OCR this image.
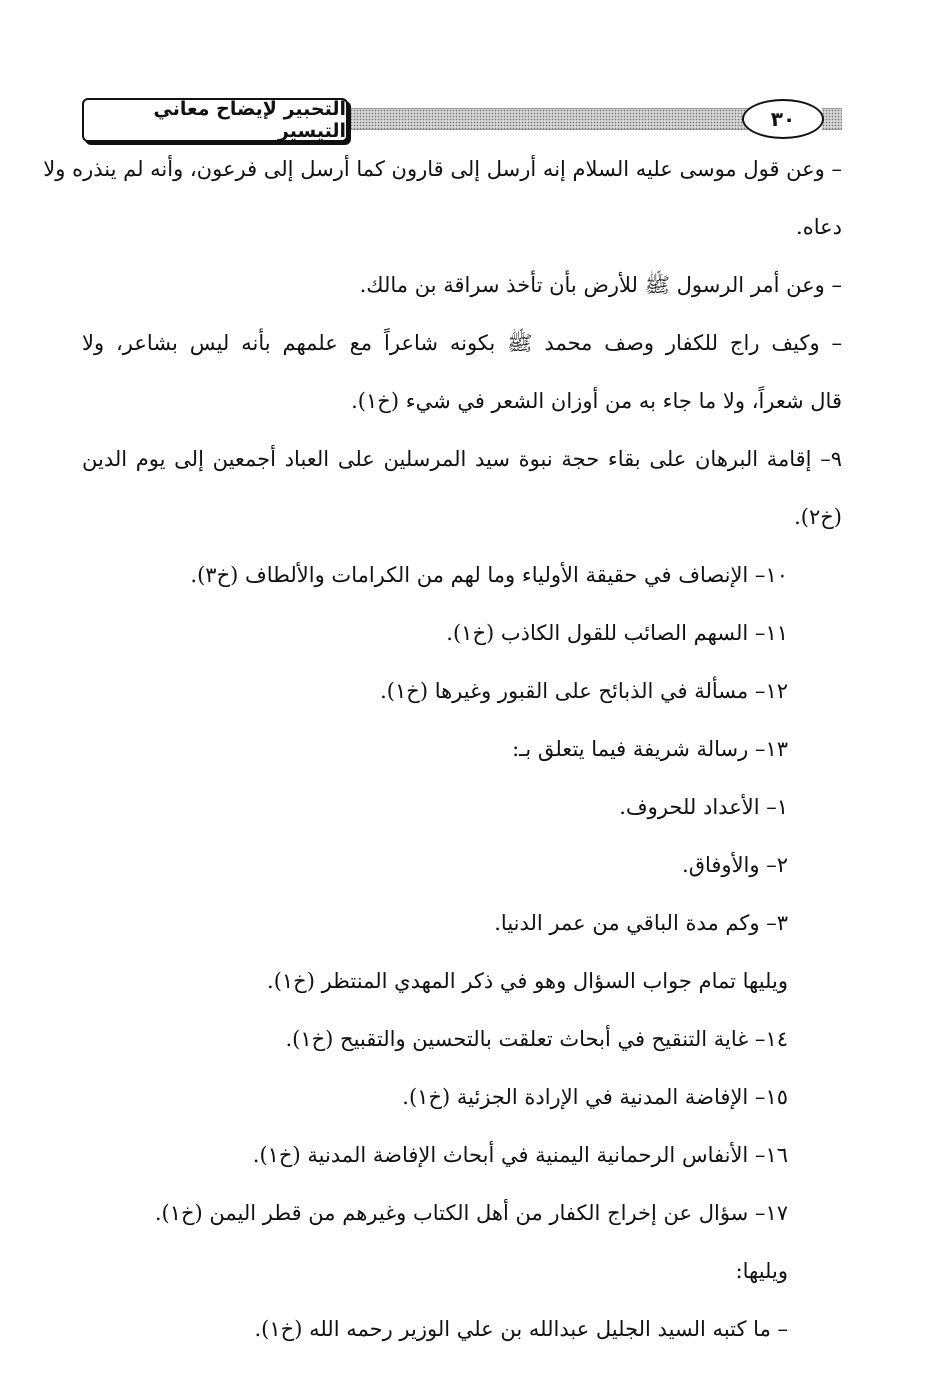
التحبير لإيضاح معاني التيسير	٣٠
– وعن قول موسى عليه السلام إنه أرسل إلى قارون كما أرسل إلى فرعون، وأنه لم ينذره ولا
دعاه.
– وعن أمر الرسول ﷺ للأرض بأن تأخذ سراقة بن مالك.
– وكيف راج للكفار وصف محمد ﷺ بكونه شاعراً مع علمهم بأنه ليس بشاعر، ولا
قال شعراً، ولا ما جاء به من أوزان الشعر في شيء (خ١).
٩– إقامة البرهان على بقاء حجة نبوة سيد المرسلين على العباد أجمعين إلى يوم الدين
(خ٢).
١٠– الإنصاف في حقيقة الأولياء وما لهم من الكرامات والألطاف (خ٣).
١١– السهم الصائب للقول الكاذب (خ١).
١٢– مسألة في الذبائح على القبور وغيرها (خ١).
١٣– رسالة شريفة فيما يتعلق بـ:
١– الأعداد للحروف.
٢– والأوفاق.
٣– وكم مدة الباقي من عمر الدنيا.
ويليها تمام جواب السؤال وهو في ذكر المهدي المنتظر (خ١).
١٤– غاية التنقيح في أبحاث تعلقت بالتحسين والتقبيح (خ١).
١٥– الإفاضة المدنية في الإرادة الجزئية (خ١).
١٦– الأنفاس الرحمانية اليمنية في أبحاث الإفاضة المدنية (خ١).
١٧– سؤال عن إخراج الكفار من أهل الكتاب وغيرهم من قطر اليمن (خ١).
ويليها:
– ما كتبه السيد الجليل عبدالله بن علي الوزير رحمه الله (خ١).
